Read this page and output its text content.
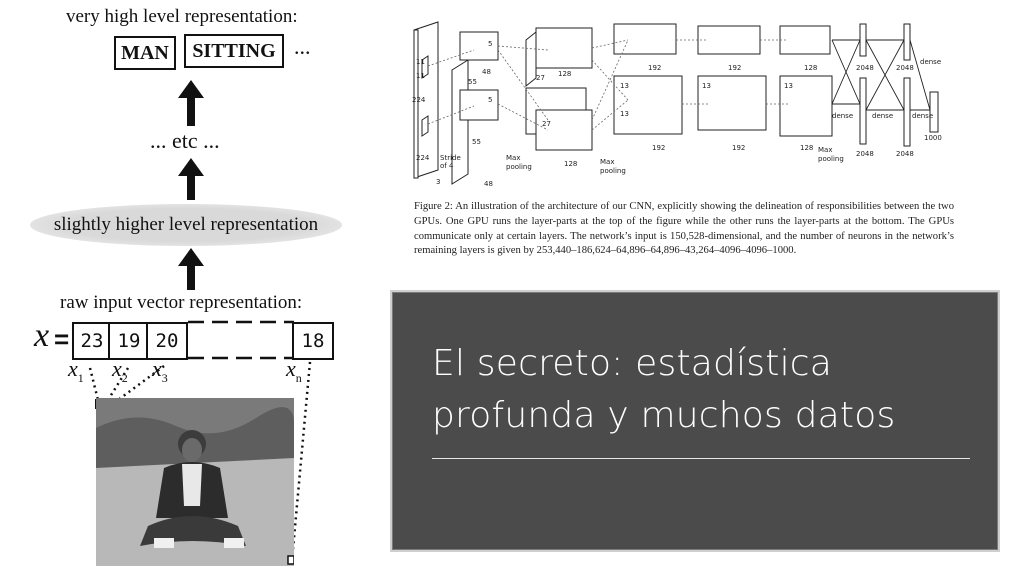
very high level representation:
MAN	SITTING ...
... etc ...
slightly higher level representation
raw input vector representation:
x = 23 19 20	18
$x_1$ $x_2$ $x_3$	$x_n$
224
224
11
11
Stride of 4
3
48
48
55
55
5
5
27
27
128
128
13
13
13	13
192
192
192
192
128
128
2048
2048
2048
2048
dense
dense	dense	dense
1000
Max pooling
Max pooling
Max pooling
Figure 2: An illustration of the architecture of our CNN, explicitly showing the delineation of responsibilities between the two GPUs. One GPU runs the layer-parts at the top of the figure while the other runs the layer-parts at the bottom. The GPUs communicate only at certain layers. The network’s input is 150,528-dimensional, and the number of neurons in the network’s remaining layers is given by 253,440–186,624–64,896–64,896–43,264–4096–4096–1000.
El secreto: estadística
profunda y muchos datos
